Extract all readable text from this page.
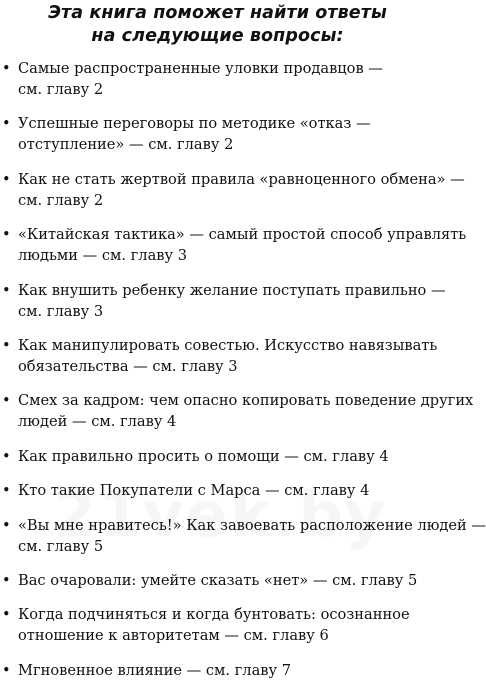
Эта книга поможет найти ответы
на следующие вопросы:
• Самые распространенные уловки продавцов —
см. главу 2
• Успешные переговоры по методике «отказ —
отступление» — см. главу 2
• Как не стать жертвой правила «равноценного обмена» —
см. главу 2
• «Китайская тактика» — самый простой способ управлять
людьми — см. главу 3
• Как внушить ребенку желание поступать правильно —
см. главу 3
• Как манипулировать совестью. Искусство навязывать
обязательства — см. главу 3
• Смех за кадром: чем опасно копировать поведение других
людей — см. главу 4
• Как правильно просить о помощи — см. главу 4
• Кто такие Покупатели с Марса — см. главу 4
• «Вы мне нравитесь!» Как завоевать расположение людей —
см. главу 5
• Вас очаровали: умейте сказать «нет» — см. главу 5
• Когда подчиняться и когда бунтовать: осознанное
отношение к авторитетам — см. главу 6
• Мгновенное влияние — см. главу 7
